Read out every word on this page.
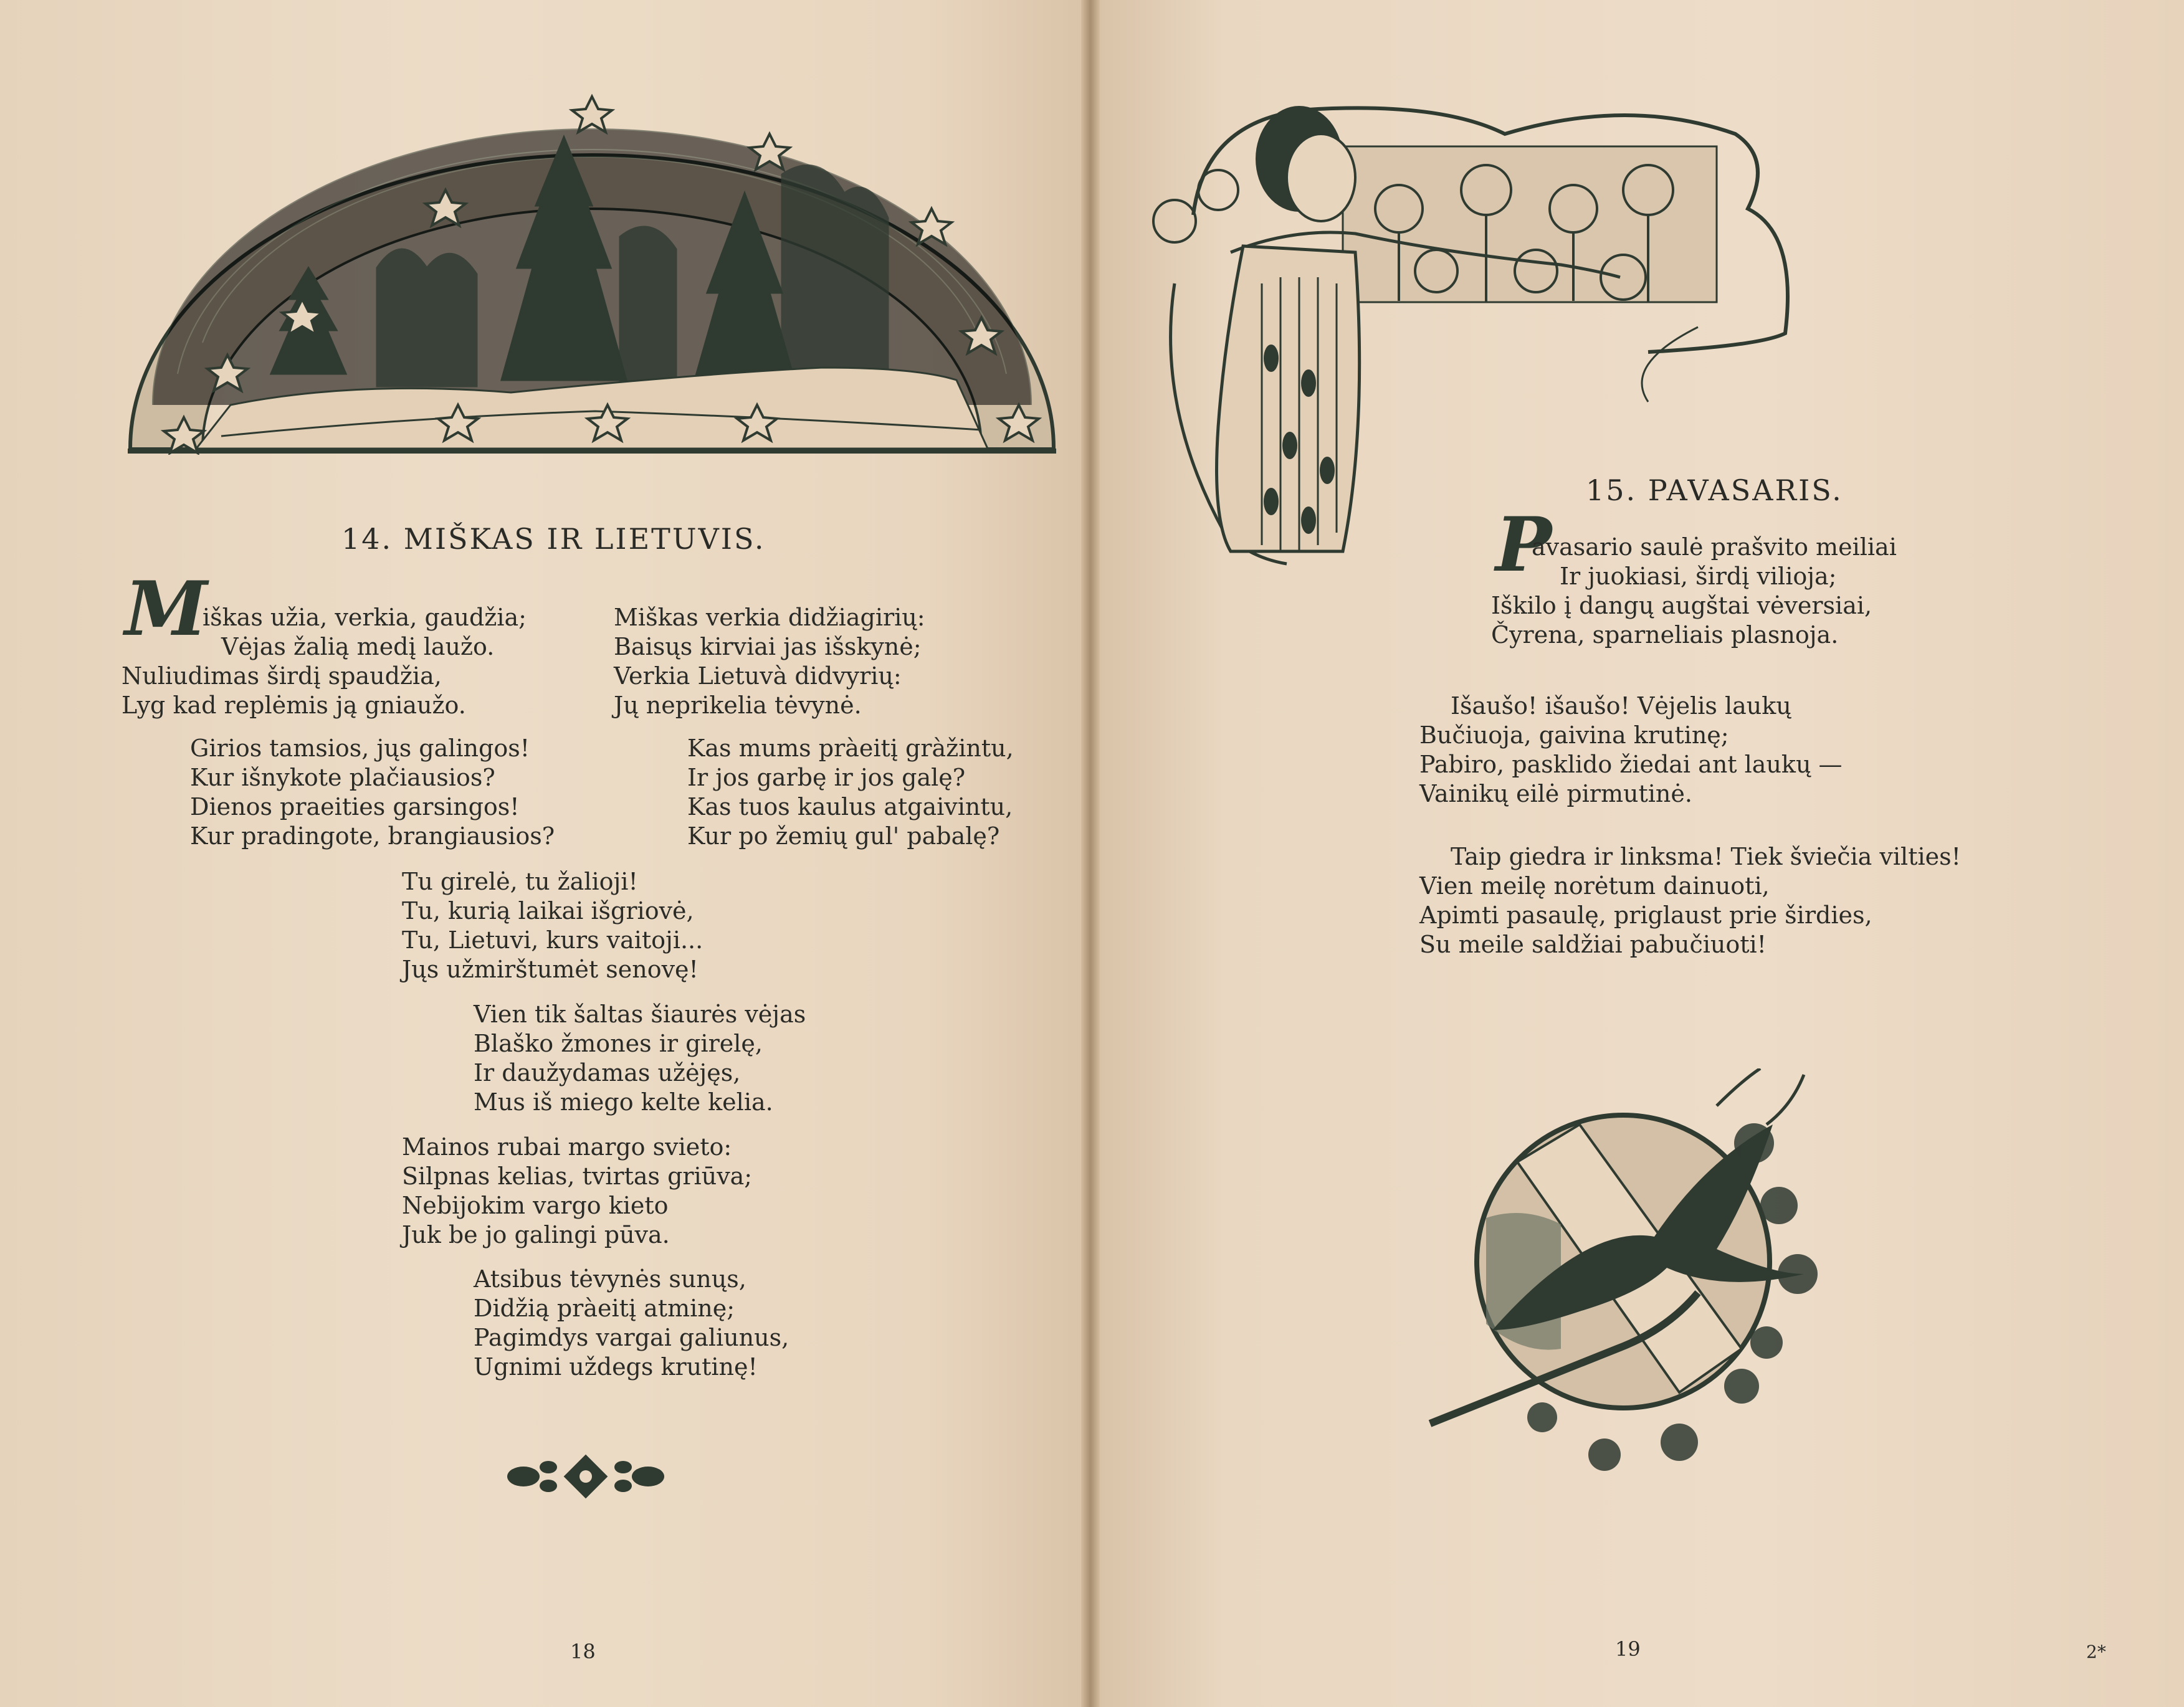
14. MIŠKAS IR LIETUVIS.
M
iškas užia, verkia, gaudžia;
Vėjas žalią medį laužo.
Nuliudimas širdį spaudžia,
Lyg kad replėmis ją gniaužo.
Miškas verkia didžiagirių:
Baisųs kirviai jas išskynė;
Verkia Lietuvà didvyrių:
Jų neprikelia tėvynė.
Girios tamsios, jųs galingos!
Kur išnykote plačiausios?
Dienos praeities garsingos!
Kur pradingote, brangiausios?
Kas mums pràeitį gràžintu,
Ir jos garbę ir jos galę?
Kas tuos kaulus atgaivintu,
Kur po žemių gul' pabalę?
Tu girelė, tu žalioji!
Tu, kurią laikai išgriovė,
Tu, Lietuvi, kurs vaitoji...
Jųs užmirštumėt senovę!
Vien tik šaltas šiaurės vėjas
Blaško žmones ir girelę,
Ir daužydamas užėjęs,
Mus iš miego kelte kelia.
Mainos rubai margo svieto:
Silpnas kelias, tvirtas griūva;
Nebijokim vargo kieto
Juk be jo galingi pūva.
Atsibus tėvynės sunųs,
Didžią pràeitį atminę;
Pagimdys vargai galiunus,
Ugnimi uždegs krutinę!
18
15. PAVASARIS.
P
avasario saulė prašvito meiliai
Ir juokiasi, širdį vilioja;
Iškilo į dangų augštai vėversiai,
Čyrena, sparneliais plasnoja.
Išaušo! išaušo! Vėjelis laukų
Bučiuoja, gaivina krutinę;
Pabiro, pasklido žiedai ant laukų —
Vainikų eilė pirmutinė.
Taip giedra ir linksma! Tiek šviečia vilties!
Vien meilę norėtum dainuoti,
Apimti pasaulę, priglaust prie širdies,
Su meile saldžiai pabučiuoti!
19	2*
